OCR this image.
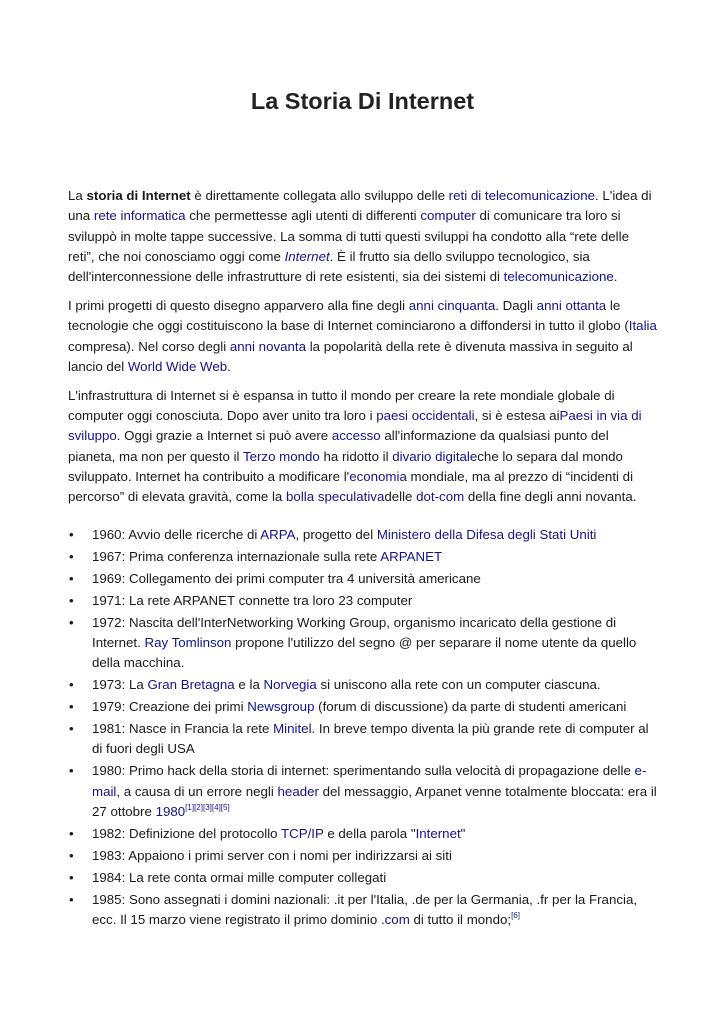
La Storia Di Internet

La storia di Internet è direttamente collegata allo sviluppo delle reti di telecomunicazione. L'idea di una rete informatica che permettesse agli utenti di differenti computer di comunicare tra loro si sviluppò in molte tappe successive. La somma di tutti questi sviluppi ha condotto alla “rete delle reti”, che noi conosciamo oggi come Internet. È il frutto sia dello sviluppo tecnologico, sia dell'interconnessione delle infrastrutture di rete esistenti, sia dei sistemi di telecomunicazione.

I primi progetti di questo disegno apparvero alla fine degli anni cinquanta. Dagli anni ottanta le tecnologie che oggi costituiscono la base di Internet cominciarono a diffondersi in tutto il globo (Italia compresa). Nel corso degli anni novanta la popolarità della rete è divenuta massiva in seguito al lancio del World Wide Web.

L'infrastruttura di Internet si è espansa in tutto il mondo per creare la rete mondiale globale di computer oggi conosciuta. Dopo aver unito tra loro i paesi occidentali, si è estesa aiPaesi in via di sviluppo. Oggi grazie a Internet si può avere accesso all'informazione da qualsiasi punto del pianeta, ma non per questo il Terzo mondo ha ridotto il divario digitaleche lo separa dal mondo sviluppato. Internet ha contribuito a modificare l'economia mondiale, ma al prezzo di “incidenti di percorso” di elevata gravità, come la bolla speculativadelle dot-com della fine degli anni novanta.

• 1960: Avvio delle ricerche di ARPA, progetto del Ministero della Difesa degli Stati Uniti
• 1967: Prima conferenza internazionale sulla rete ARPANET
• 1969: Collegamento dei primi computer tra 4 università americane
• 1971: La rete ARPANET connette tra loro 23 computer
• 1972: Nascita dell'InterNetworking Working Group, organismo incaricato della gestione di Internet. Ray Tomlinson propone l'utilizzo del segno @ per separare il nome utente da quello della macchina.
• 1973: La Gran Bretagna e la Norvegia si uniscono alla rete con un computer ciascuna.
• 1979: Creazione dei primi Newsgroup (forum di discussione) da parte di studenti americani
• 1981: Nasce in Francia la rete Minitel. In breve tempo diventa la più grande rete di computer al di fuori degli USA
• 1980: Primo hack della storia di internet: sperimentando sulla velocità di propagazione delle e-mail, a causa di un errore negli header del messaggio, Arpanet venne totalmente bloccata: era il 27 ottobre 1980[1][2][3][4][5]
• 1982: Definizione del protocollo TCP/IP e della parola "Internet"
• 1983: Appaiono i primi server con i nomi per indirizzarsi ai siti
• 1984: La rete conta ormai mille computer collegati
• 1985: Sono assegnati i domini nazionali: .it per l'Italia, .de per la Germania, .fr per la Francia, ecc. Il 15 marzo viene registrato il primo dominio .com di tutto il mondo;[6]
